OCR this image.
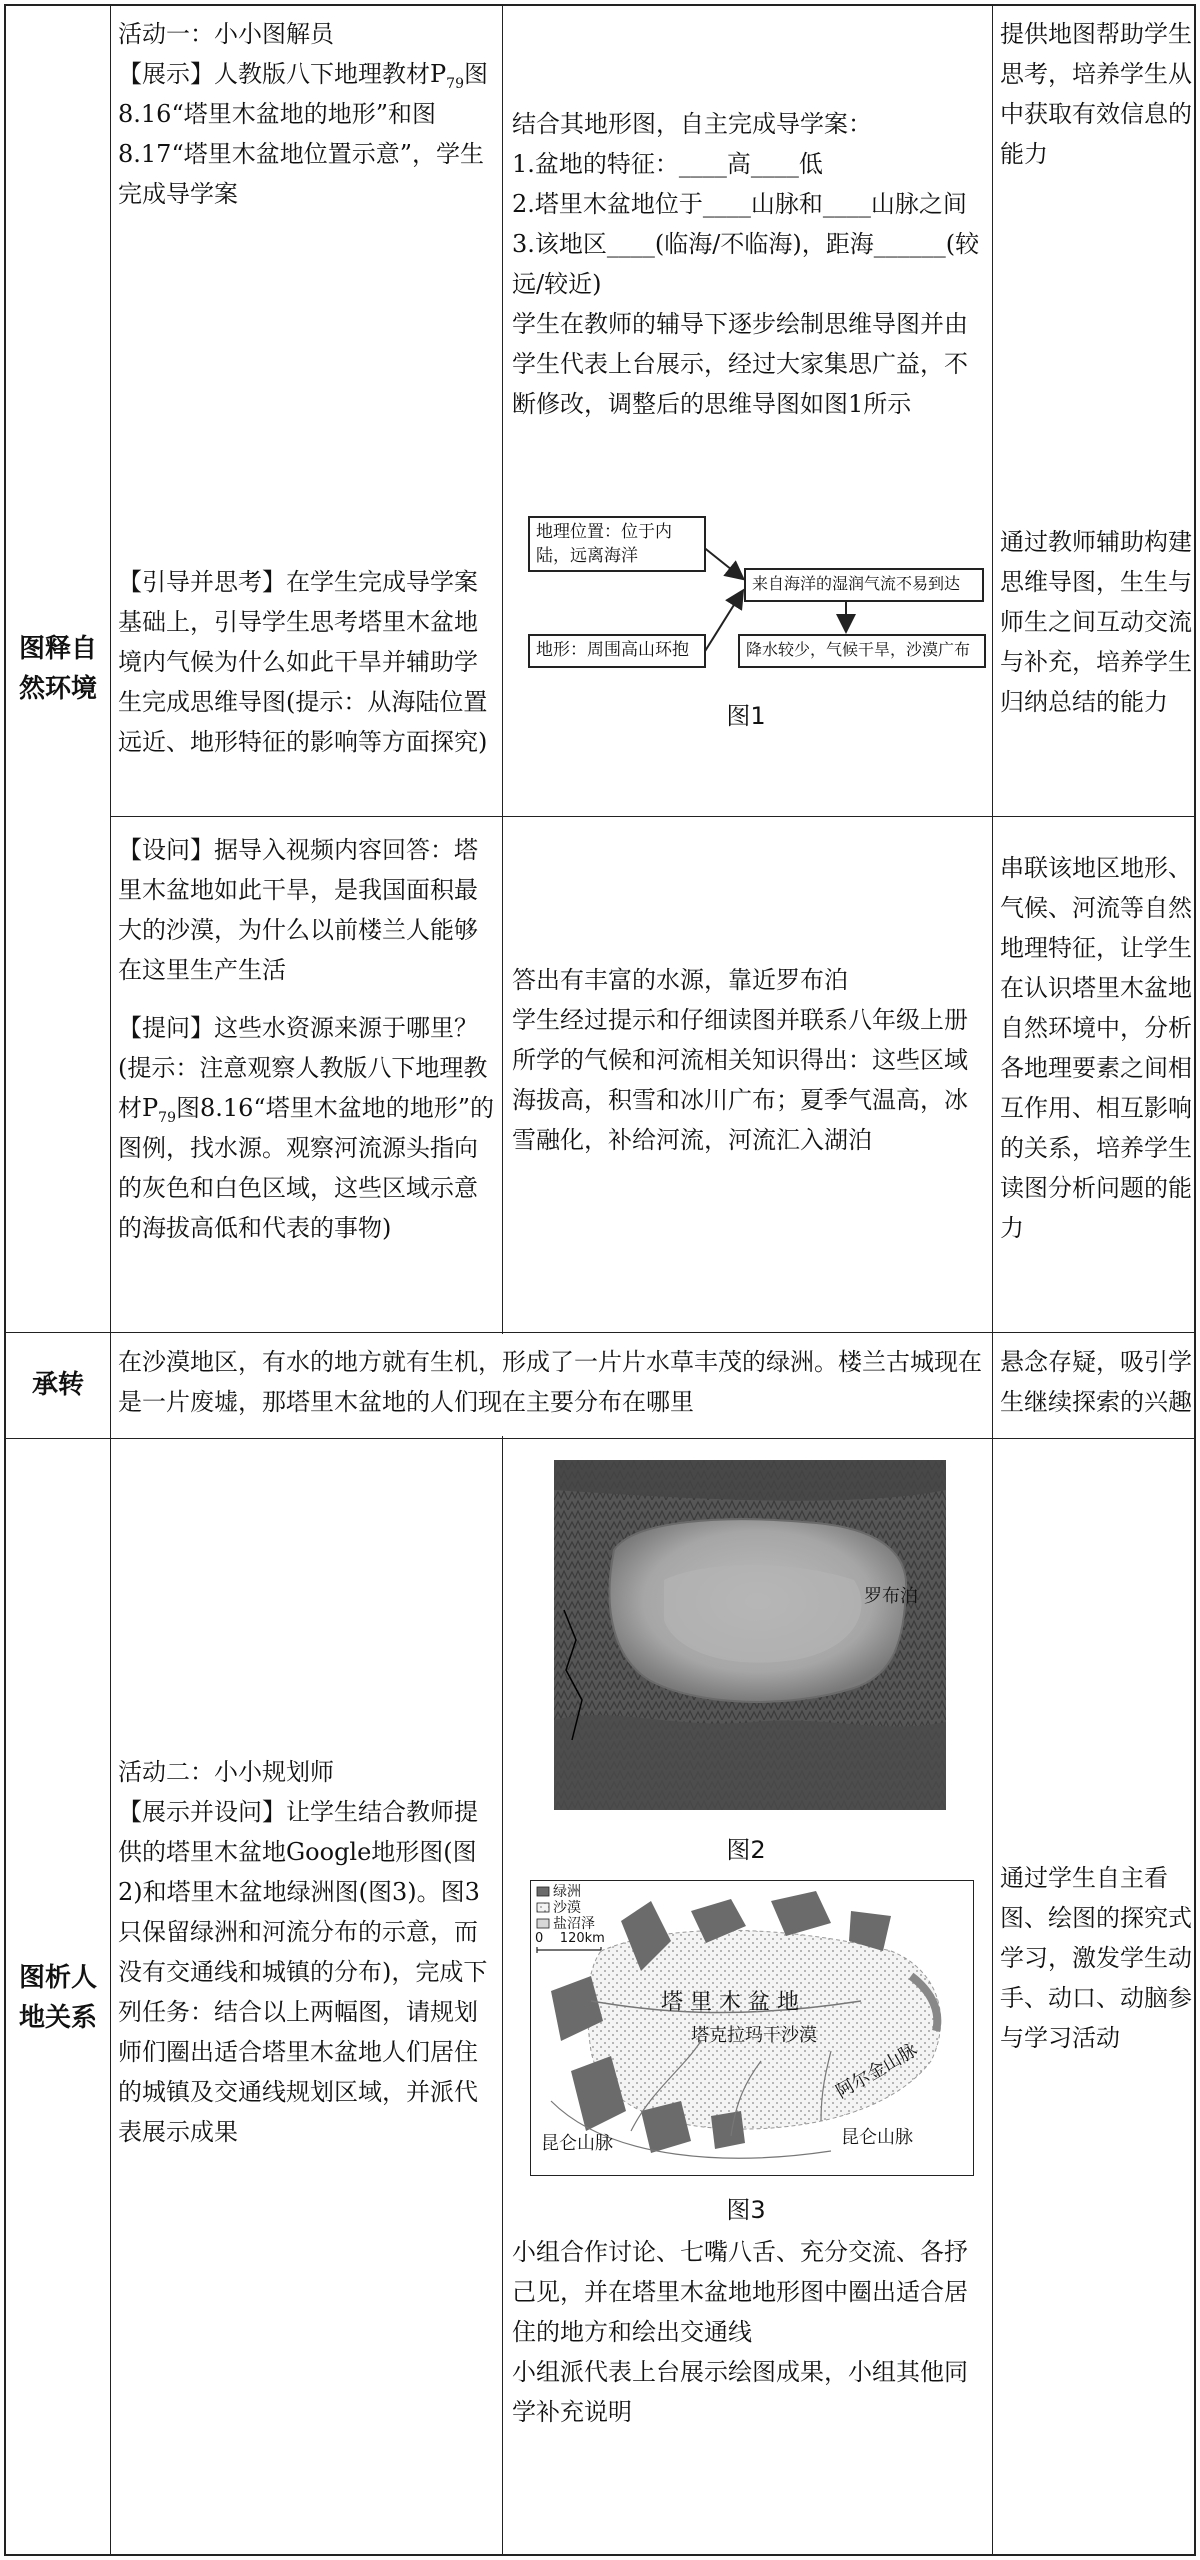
图释自然环境

活动一：小小图解员

【展示】人教版八下地理教材$P_{79}$图8.16“塔里木盆地的地形”和图8.17“塔里木盆地位置示意”，学生完成导学案

【引导并思考】在学生完成导学案基础上，引导学生思考塔里木盆地境内气候为什么如此干旱并辅助学生完成思维导图(提示：从海陆位置远近、地形特征的影响等方面探究)

结合其地形图，自主完成导学案：

1.盆地的特征：____高____低

2.塔里木盆地位于____山脉和____山脉之间

3.该地区____(临海/不临海)，距海______(较远/较近)

学生在教师的辅导下逐步绘制思维导图并由学生代表上台展示，经过大家集思广益，不断修改，调整后的思维导图如图1所示

地理位置：位于内陆，远离海洋
地形：周围高山环抱
来自海洋的湿润气流不易到达
降水较少，气候干旱，沙漠广布
图1

提供地图帮助学生思考，培养学生从中获取有效信息的能力

通过教师辅助构建思维导图，生生与师生之间互动交流与补充，培养学生归纳总结的能力

【设问】据导入视频内容回答：塔里木盆地如此干旱，是我国面积最大的沙漠，为什么以前楼兰人能够在这里生产生活

【提问】这些水资源来源于哪里？(提示：注意观察人教版八下地理教材$P_{79}$图8.16“塔里木盆地的地形”的图例，找水源。观察河流源头指向的灰色和白色区域，这些区域示意的海拔高低和代表的事物)

答出有丰富的水源，靠近罗布泊

学生经过提示和仔细读图并联系八年级上册所学的气候和河流相关知识得出：这些区域海拔高，积雪和冰川广布；夏季气温高，冰雪融化，补给河流，河流汇入湖泊

串联该地区地形、气候、河流等自然地理特征，让学生在认识塔里木盆地自然环境中，分析各地理要素之间相互作用、相互影响的关系，培养学生读图分析问题的能力

承转

在沙漠地区，有水的地方就有生机，形成了一片片水草丰茂的绿洲。楼兰古城现在是一片废墟，那塔里木盆地的人们现在主要分布在哪里

悬念存疑，吸引学生继续探索的兴趣

图析人地关系

活动二：小小规划师

【展示并设问】让学生结合教师提供的塔里木盆地Google地形图(图2)和塔里木盆地绿洲图(图3)。图3只保留绿洲和河流分布的示意，而没有交通线和城镇的分布)，完成下列任务：结合以上两幅图，请规划师们圈出适合塔里木盆地人们居住的城镇及交通线规划区域，并派代表展示成果

罗布泊
图2
绿洲
沙漠
盐沼泽
0    120km
塔 里 木 盆 地
塔克拉玛干沙漠
阿尔金山脉
昆仑山脉	昆仑山脉
图3

小组合作讨论、七嘴八舌、充分交流、各抒己见，并在塔里木盆地地形图中圈出适合居住的地方和绘出交通线

小组派代表上台展示绘图成果，小组其他同学补充说明

通过学生自主看图、绘图的探究式学习，激发学生动手、动口、动脑参与学习活动
